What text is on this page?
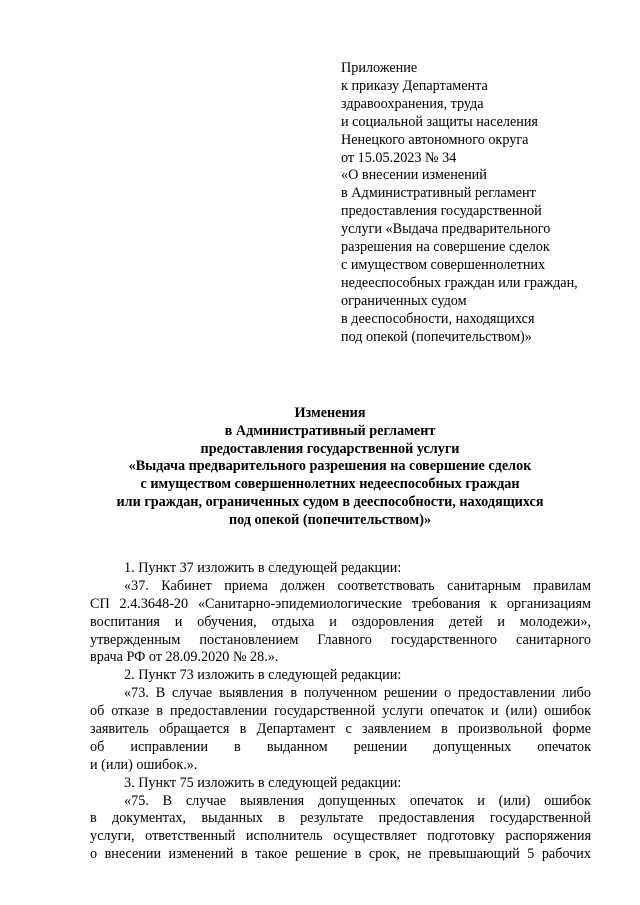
Приложение
к приказу Департамента
здравоохранения, труда
и социальной защиты населения
Ненецкого автономного округа
от 15.05.2023 № 34
«О внесении изменений
в Административный регламент
предоставления государственной
услуги «Выдача предварительного
разрешения на совершение сделок
с имуществом совершеннолетних
недееспособных граждан или граждан,
ограниченных судом
в дееспособности, находящихся
под опекой (попечительством)»
Изменения
в Административный регламент
предоставления государственной услуги
«Выдача предварительного разрешения на совершение сделок
с имуществом совершеннолетних недееспособных граждан
или граждан, ограниченных судом в дееспособности, находящихся
под опекой (попечительством)»
1. Пункт 37 изложить в следующей редакции:
«37. Кабинет приема должен соответствовать санитарным правилам
СП 2.4.3648-20 «Санитарно-эпидемиологические требования к организациям
воспитания и обучения, отдыха и оздоровления детей и молодежи»,
утвержденным постановлением Главного государственного санитарного
врача РФ от 28.09.2020 № 28.».
2. Пункт 73 изложить в следующей редакции:
«73. В случае выявления в полученном решении о предоставлении либо
об отказе в предоставлении государственной услуги опечаток и (или) ошибок
заявитель обращается в Департамент с заявлением в произвольной форме
об исправлении в выданном решении допущенных опечаток
и (или) ошибок.».
3. Пункт 75 изложить в следующей редакции:
«75. В случае выявления допущенных опечаток и (или) ошибок
в документах, выданных в результате предоставления государственной
услуги, ответственный исполнитель осуществляет подготовку распоряжения
о внесении изменений в такое решение в срок, не превышающий 5 рабочих
